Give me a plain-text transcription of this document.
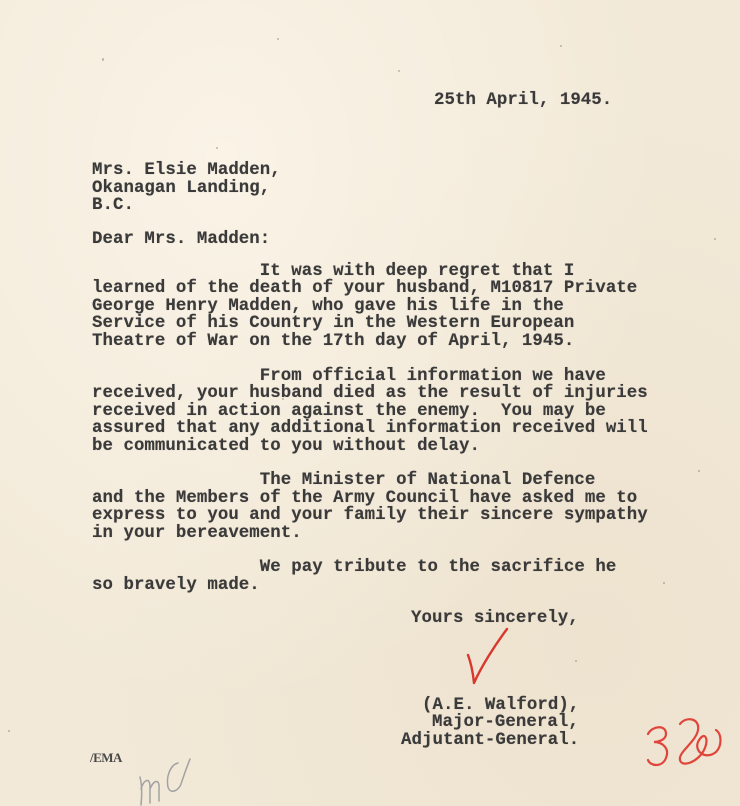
25th April, 1945.
Mrs. Elsie Madden,
Okanagan Landing,
B.C.
Dear Mrs. Madden:
It was with deep regret that I
learned of the death of your husband, M10817 Private
George Henry Madden, who gave his life in the
Service of his Country in the Western European
Theatre of War on the 17th day of April, 1945.
From official information we have
received, your husband died as the result of injuries
received in action against the enemy.  You may be
assured that any additional information received will
be communicated to you without delay.
The Minister of National Defence
and the Members of the Army Council have asked me to
express to you and your family their sincere sympathy
in your bereavement.
We pay tribute to the sacrifice he
so bravely made.
Yours sincerely,
(A.E. Walford),
Major-General,
Adjutant-General.
/EMA
